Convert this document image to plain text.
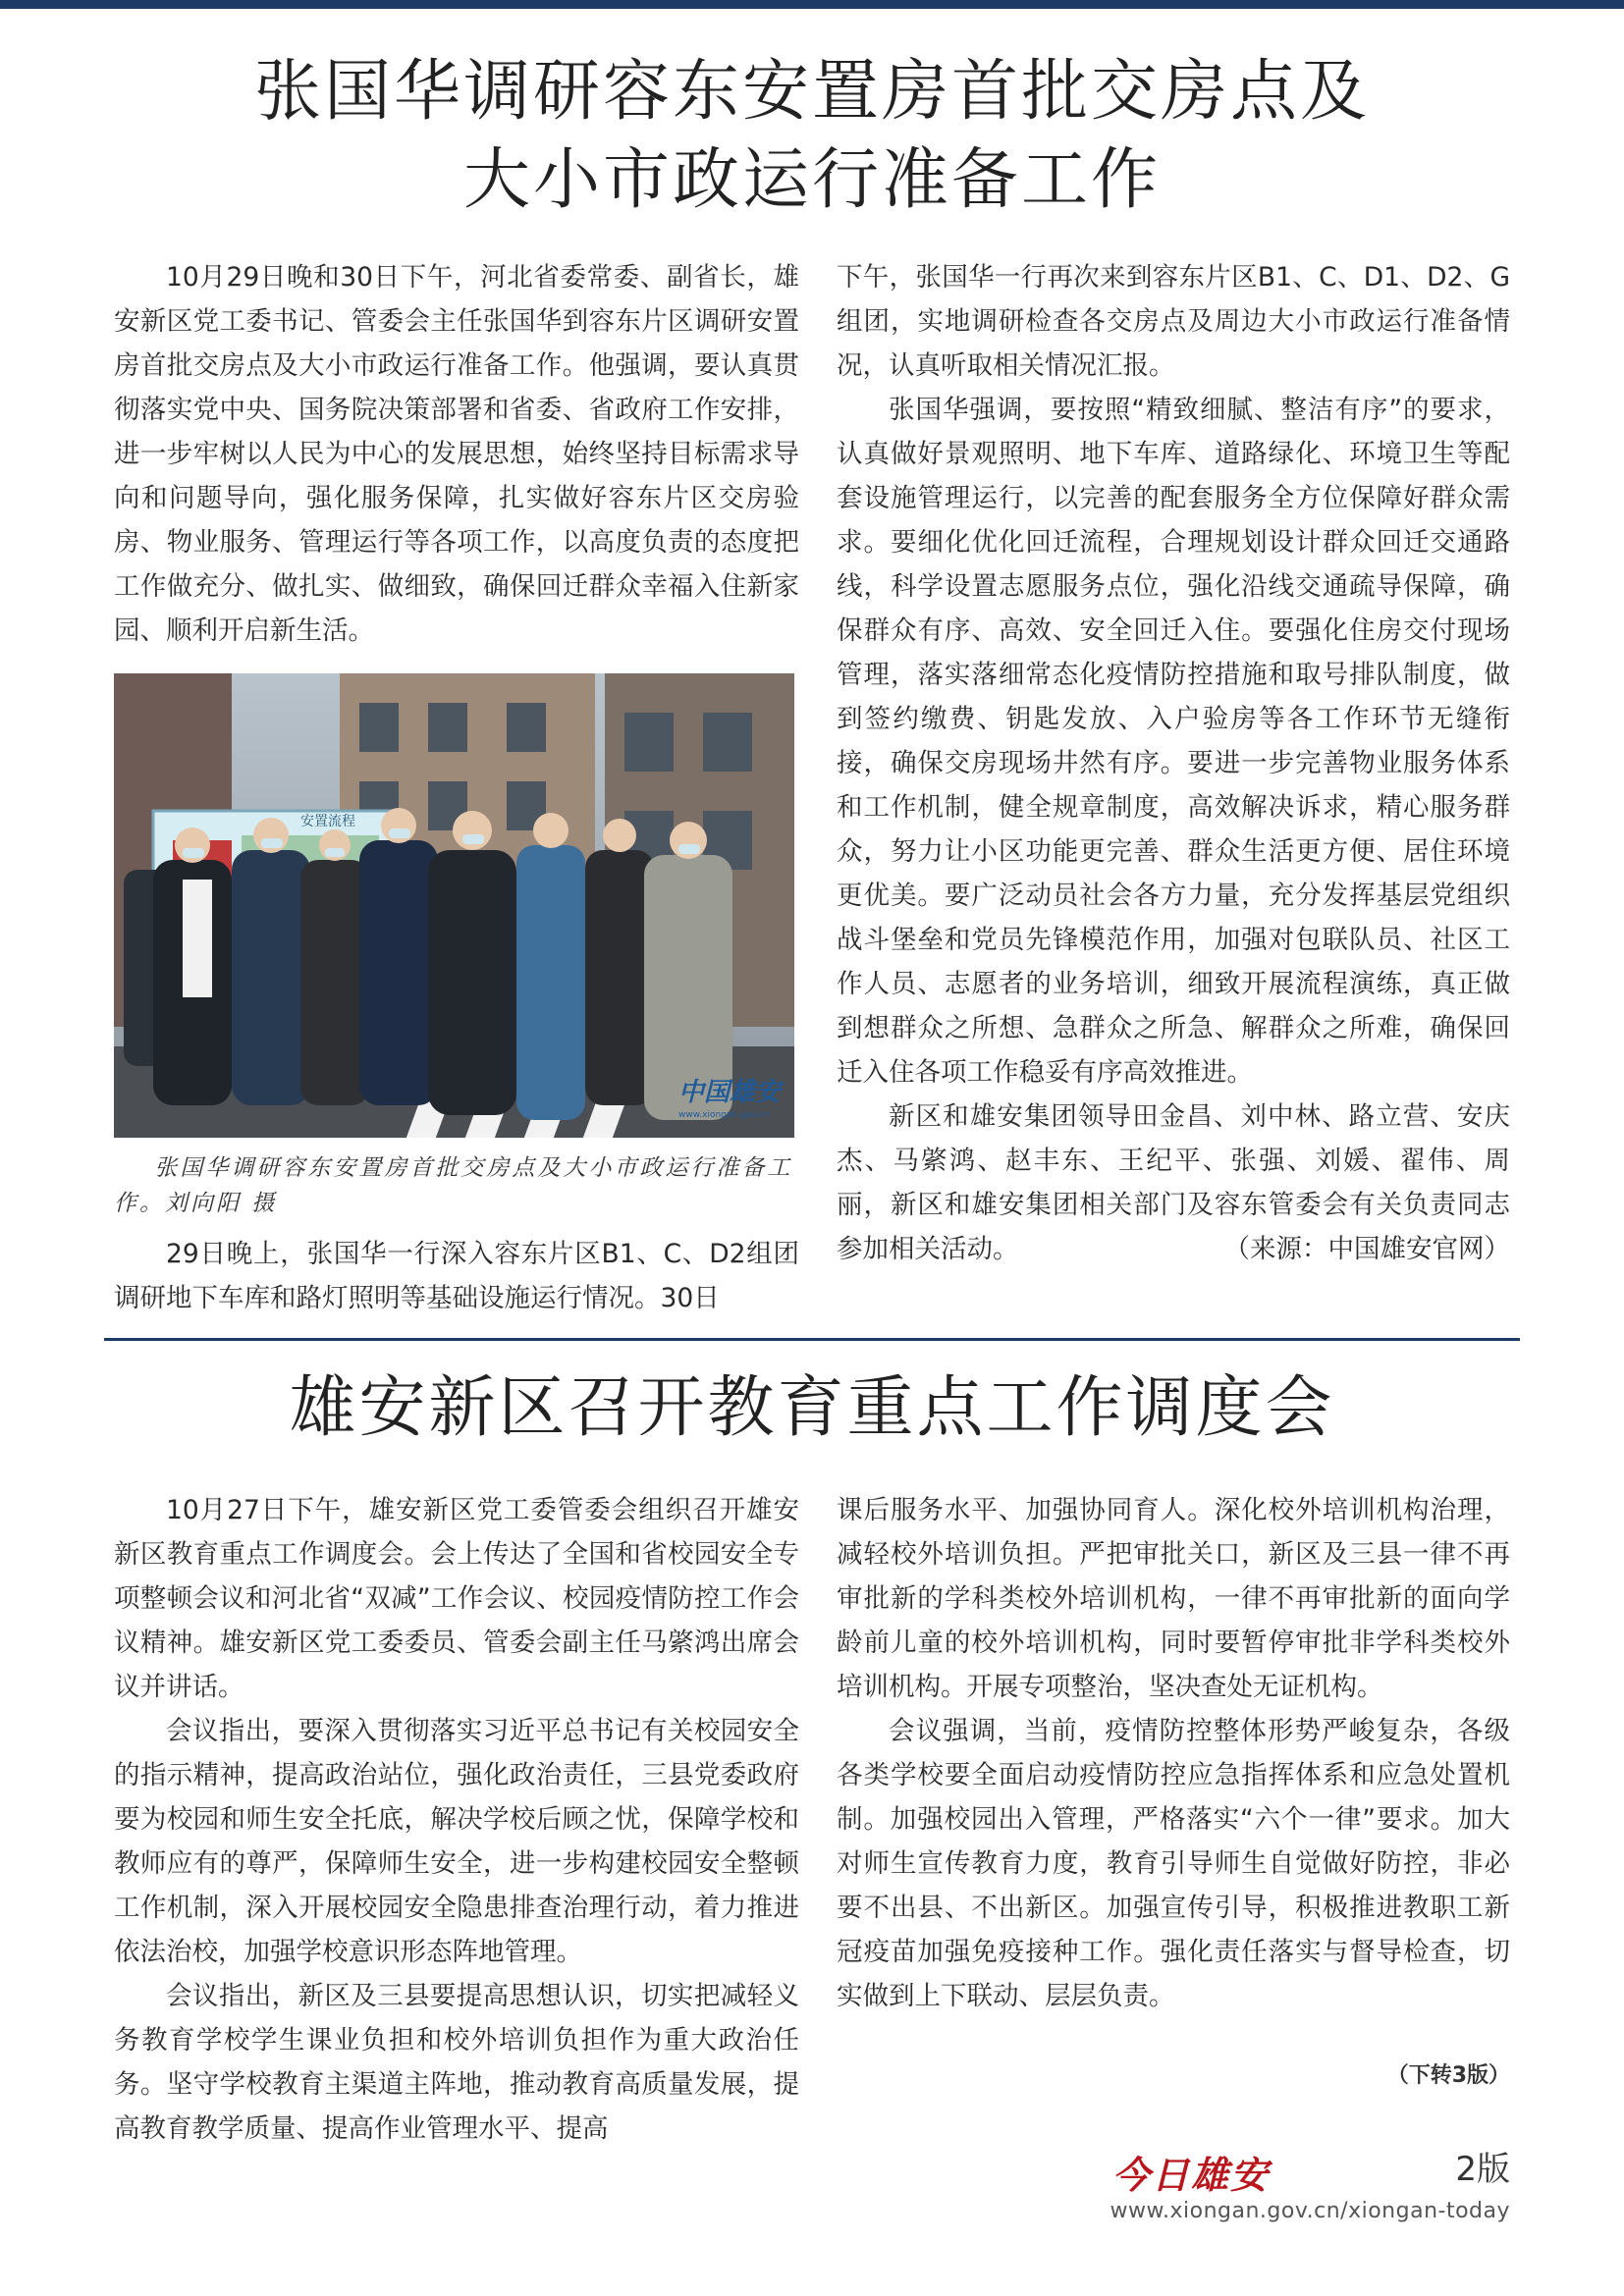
张国华调研容东安置房首批交房点及
大小市政运行准备工作

10月29日晚和30日下午，河北省委常委、副省长，雄安新区党工委书记、管委会主任张国华到容东片区调研安置房首批交房点及大小市政运行准备工作。他强调，要认真贯彻落实党中央、国务院决策部署和省委、省政府工作安排，进一步牢树以人民为中心的发展思想，始终坚持目标需求导向和问题导向，强化服务保障，扎实做好容东片区交房验房、物业服务、管理运行等各项工作，以高度负责的态度把工作做充分、做扎实、做细致，确保回迁群众幸福入住新家园、顺利开启新生活。

安置流程
中国雄安
www.xiongan.gov.cn

张国华调研容东安置房首批交房点及大小市政运行准备工作。刘向阳 摄

29日晚上，张国华一行深入容东片区B1、C、D2组团调研地下车库和路灯照明等基础设施运行情况。30日

下午，张国华一行再次来到容东片区B1、C、D1、D2、G组团，实地调研检查各交房点及周边大小市政运行准备情况，认真听取相关情况汇报。

张国华强调，要按照“精致细腻、整洁有序”的要求，认真做好景观照明、地下车库、道路绿化、环境卫生等配套设施管理运行，以完善的配套服务全方位保障好群众需求。要细化优化回迁流程，合理规划设计群众回迁交通路线，科学设置志愿服务点位，强化沿线交通疏导保障，确保群众有序、高效、安全回迁入住。要强化住房交付现场管理，落实落细常态化疫情防控措施和取号排队制度，做到签约缴费、钥匙发放、入户验房等各工作环节无缝衔接，确保交房现场井然有序。要进一步完善物业服务体系和工作机制，健全规章制度，高效解决诉求，精心服务群众，努力让小区功能更完善、群众生活更方便、居住环境更优美。要广泛动员社会各方力量，充分发挥基层党组织战斗堡垒和党员先锋模范作用，加强对包联队员、社区工作人员、志愿者的业务培训，细致开展流程演练，真正做到想群众之所想、急群众之所急、解群众之所难，确保回迁入住各项工作稳妥有序高效推进。

新区和雄安集团领导田金昌、刘中林、路立营、安庆杰、马綮鸿、赵丰东、王纪平、张强、刘媛、翟伟、周丽，新区和雄安集团相关部门及容东管委会有关负责同志参加相关活动。	（来源：中国雄安官网）

雄安新区召开教育重点工作调度会

10月27日下午，雄安新区党工委管委会组织召开雄安新区教育重点工作调度会。会上传达了全国和省校园安全专项整顿会议和河北省“双减”工作会议、校园疫情防控工作会议精神。雄安新区党工委委员、管委会副主任马綮鸿出席会议并讲话。

会议指出，要深入贯彻落实习近平总书记有关校园安全的指示精神，提高政治站位，强化政治责任，三县党委政府要为校园和师生安全托底，解决学校后顾之忧，保障学校和教师应有的尊严，保障师生安全，进一步构建校园安全整顿工作机制，深入开展校园安全隐患排查治理行动，着力推进依法治校，加强学校意识形态阵地管理。

会议指出，新区及三县要提高思想认识，切实把减轻义务教育学校学生课业负担和校外培训负担作为重大政治任务。坚守学校教育主渠道主阵地，推动教育高质量发展，提高教育教学质量、提高作业管理水平、提高

课后服务水平、加强协同育人。深化校外培训机构治理，减轻校外培训负担。严把审批关口，新区及三县一律不再审批新的学科类校外培训机构，一律不再审批新的面向学龄前儿童的校外培训机构，同时要暂停审批非学科类校外培训机构。开展专项整治，坚决查处无证机构。

会议强调，当前，疫情防控整体形势严峻复杂，各级各类学校要全面启动疫情防控应急指挥体系和应急处置机制。加强校园出入管理，严格落实“六个一律”要求。加大对师生宣传教育力度，教育引导师生自觉做好防控，非必要不出县、不出新区。加强宣传引导，积极推进教职工新冠疫苗加强免疫接种工作。强化责任落实与督导检查，切实做到上下联动、层层负责。

（下转3版）
今日雄安	2版
www.xiongan.gov.cn/xiongan-today
